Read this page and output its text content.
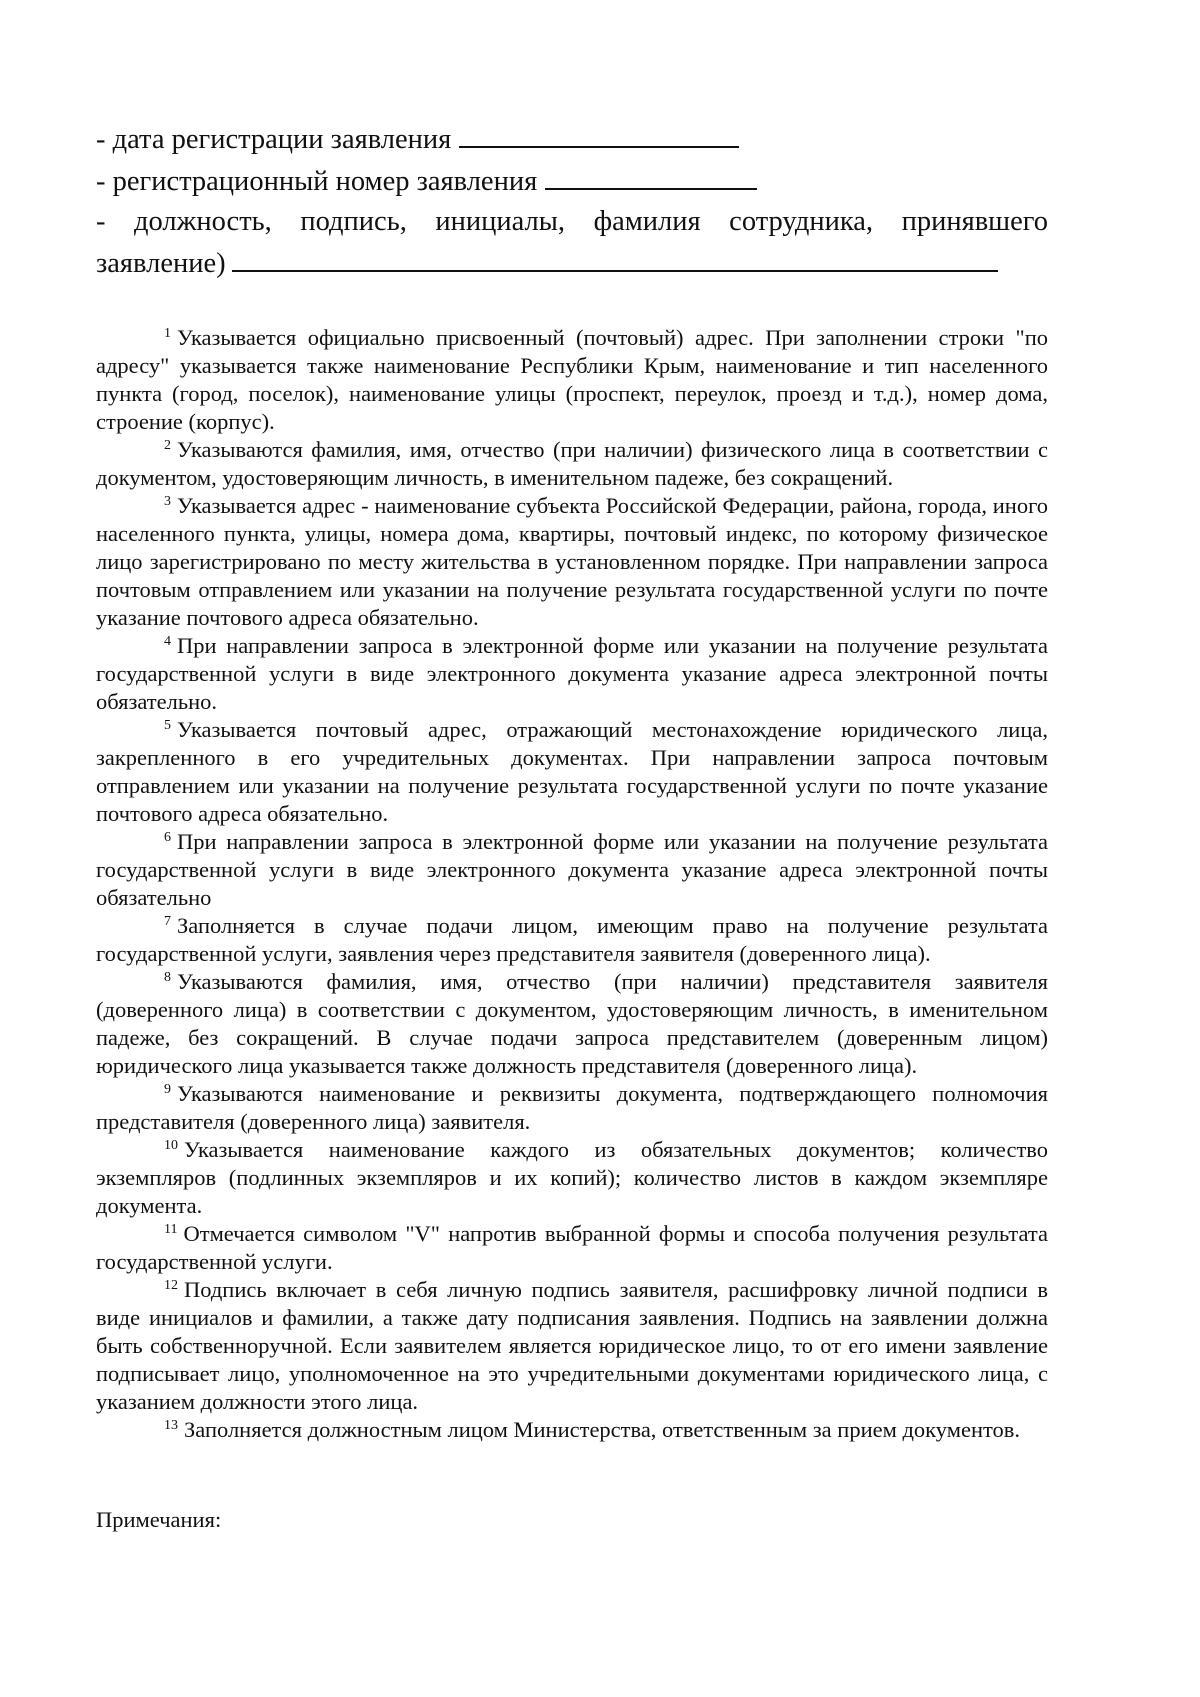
- дата регистрации заявления

- регистрационный номер заявления

- должность, подпись, инициалы, фамилия сотрудника, принявшего

заявление)

$^1$ Указывается официально присвоенный (почтовый) адрес. При заполнении строки "по адресу" указывается также наименование Республики Крым, наименование и тип населенного пункта (город, поселок), наименование улицы (проспект, переулок, проезд и т.д.), номер дома, строение (корпус).

$^2$ Указываются фамилия, имя, отчество (при наличии) физического лица в соответствии с документом, удостоверяющим личность, в именительном падеже, без сокращений.

$^3$ Указывается адрес - наименование субъекта Российской Федерации, района, города, иного населенного пункта, улицы, номера дома, квартиры, почтовый индекс, по которому физическое лицо зарегистрировано по месту жительства в установленном порядке. При направлении запроса почтовым отправлением или указании на получение результата государственной услуги по почте указание почтового адреса обязательно.

$^4$ При направлении запроса в электронной форме или указании на получение результата государственной услуги в виде электронного документа указание адреса электронной почты обязательно.

$^5$ Указывается почтовый адрес, отражающий местонахождение юридического лица, закрепленного в его учредительных документах. При направлении запроса почтовым отправлением или указании на получение результата государственной услуги по почте указание почтового адреса обязательно.

$^6$ При направлении запроса в электронной форме или указании на получение результата государственной услуги в виде электронного документа указание адреса электронной почты обязательно

$^7$ Заполняется в случае подачи лицом, имеющим право на получение результата государственной услуги, заявления через представителя заявителя (доверенного лица).

$^8$ Указываются фамилия, имя, отчество (при наличии) представителя заявителя (доверенного лица) в соответствии с документом, удостоверяющим личность, в именительном падеже, без сокращений. В случае подачи запроса представителем (доверенным лицом) юридического лица указывается также должность представителя (доверенного лица).

$^9$ Указываются наименование и реквизиты документа, подтверждающего полномочия представителя (доверенного лица) заявителя.

$^{10}$ Указывается наименование каждого из обязательных документов; количество экземпляров (подлинных экземпляров и их копий); количество листов в каждом экземпляре документа.

$^{11}$ Отмечается символом "V" напротив выбранной формы и способа получения результата государственной услуги.

$^{12}$ Подпись включает в себя личную подпись заявителя, расшифровку личной подписи в виде инициалов и фамилии, а также дату подписания заявления. Подпись на заявлении должна быть собственноручной. Если заявителем является юридическое лицо, то от его имени заявление подписывает лицо, уполномоченное на это учредительными документами юридического лица, с указанием должности этого лица.

$^{13}$ Заполняется должностным лицом Министерства, ответственным за прием документов.

Примечания:
